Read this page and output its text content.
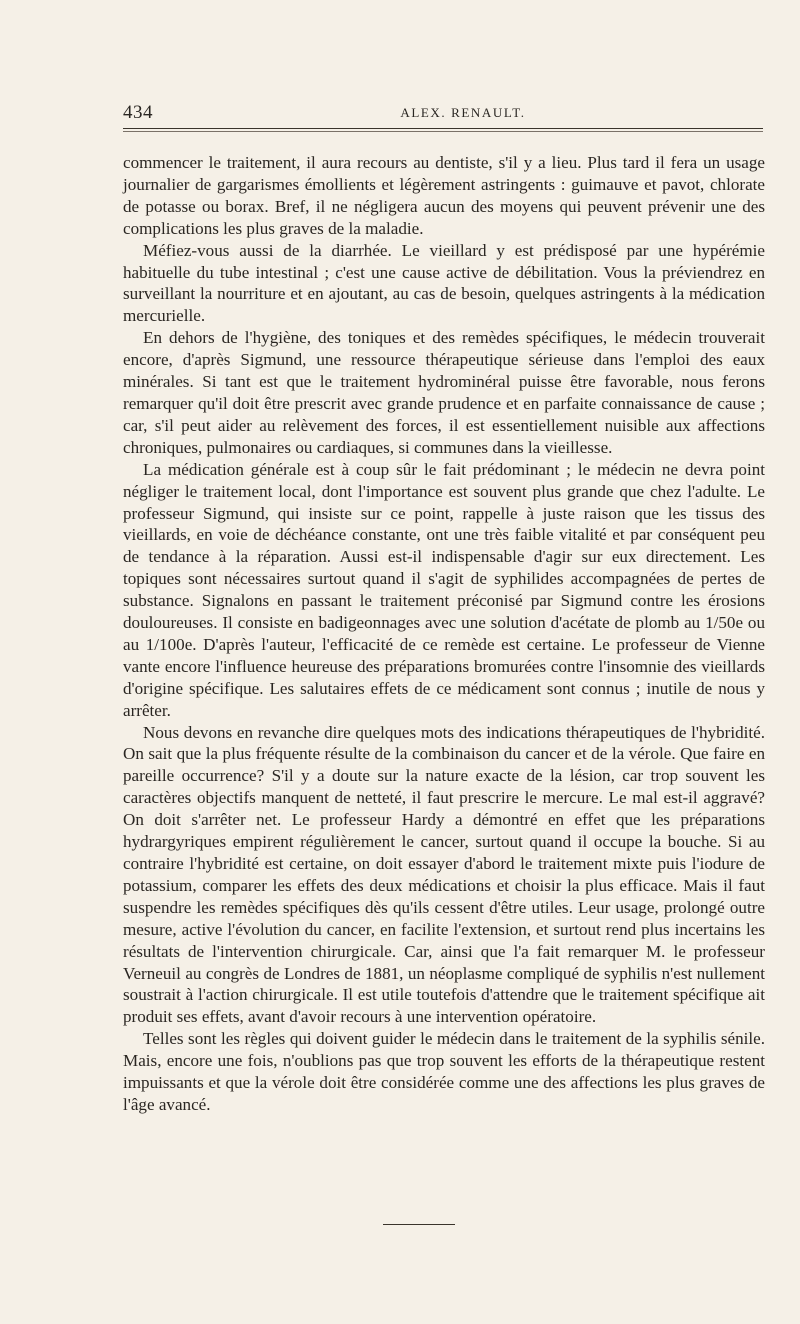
434	ALEX. RENAULT.

commencer le traitement, il aura recours au dentiste, s'il y a lieu. Plus tard il fera un usage journalier de gargarismes émollients et légèrement astringents : guimauve et pavot, chlorate de potasse ou borax. Bref, il ne négligera aucun des moyens qui peuvent prévenir une des complications les plus graves de la maladie.

Méfiez-vous aussi de la diarrhée. Le vieillard y est prédisposé par une hypérémie habituelle du tube intestinal ; c'est une cause active de débilitation. Vous la préviendrez en surveillant la nourriture et en ajoutant, au cas de besoin, quelques astringents à la médication mercurielle.

En dehors de l'hygiène, des toniques et des remèdes spécifiques, le médecin trouverait encore, d'après Sigmund, une ressource thérapeutique sérieuse dans l'emploi des eaux minérales. Si tant est que le traitement hydrominéral puisse être favorable, nous ferons remarquer qu'il doit être prescrit avec grande prudence et en parfaite connaissance de cause ; car, s'il peut aider au relèvement des forces, il est essentiellement nuisible aux affections chroniques, pulmonaires ou cardiaques, si communes dans la vieillesse.

La médication générale est à coup sûr le fait prédominant ; le médecin ne devra point négliger le traitement local, dont l'importance est souvent plus grande que chez l'adulte. Le professeur Sigmund, qui insiste sur ce point, rappelle à juste raison que les tissus des vieillards, en voie de déchéance constante, ont une très faible vitalité et par conséquent peu de tendance à la réparation. Aussi est-il indispensable d'agir sur eux directement. Les topiques sont nécessaires surtout quand il s'agit de syphilides accompagnées de pertes de substance. Signalons en passant le traitement préconisé par Sigmund contre les érosions douloureuses. Il consiste en badigeonnages avec une solution d'acétate de plomb au 1/50e ou au 1/100e. D'après l'auteur, l'efficacité de ce remède est certaine. Le professeur de Vienne vante encore l'influence heureuse des préparations bromurées contre l'insomnie des vieillards d'origine spécifique. Les salutaires effets de ce médicament sont connus ; inutile de nous y arrêter.

Nous devons en revanche dire quelques mots des indications thérapeutiques de l'hybridité. On sait que la plus fréquente résulte de la combinaison du cancer et de la vérole. Que faire en pareille occurrence? S'il y a doute sur la nature exacte de la lésion, car trop souvent les caractères objectifs manquent de netteté, il faut prescrire le mercure. Le mal est-il aggravé? On doit s'arrêter net. Le professeur Hardy a démontré en effet que les préparations hydrargyriques empirent régulièrement le cancer, surtout quand il occupe la bouche. Si au contraire l'hybridité est certaine, on doit essayer d'abord le traitement mixte puis l'iodure de potassium, comparer les effets des deux médications et choisir la plus efficace. Mais il faut suspendre les remèdes spécifiques dès qu'ils cessent d'être utiles. Leur usage, prolongé outre mesure, active l'évolution du cancer, en facilite l'extension, et surtout rend plus incertains les résultats de l'intervention chirurgicale. Car, ainsi que l'a fait remarquer M. le professeur Verneuil au congrès de Londres de 1881, un néoplasme compliqué de syphilis n'est nullement soustrait à l'action chirurgicale. Il est utile toutefois d'attendre que le traitement spécifique ait produit ses effets, avant d'avoir recours à une intervention opératoire.

Telles sont les règles qui doivent guider le médecin dans le traitement de la syphilis sénile. Mais, encore une fois, n'oublions pas que trop souvent les efforts de la thérapeutique restent impuissants et que la vérole doit être considérée comme une des affections les plus graves de l'âge avancé.
